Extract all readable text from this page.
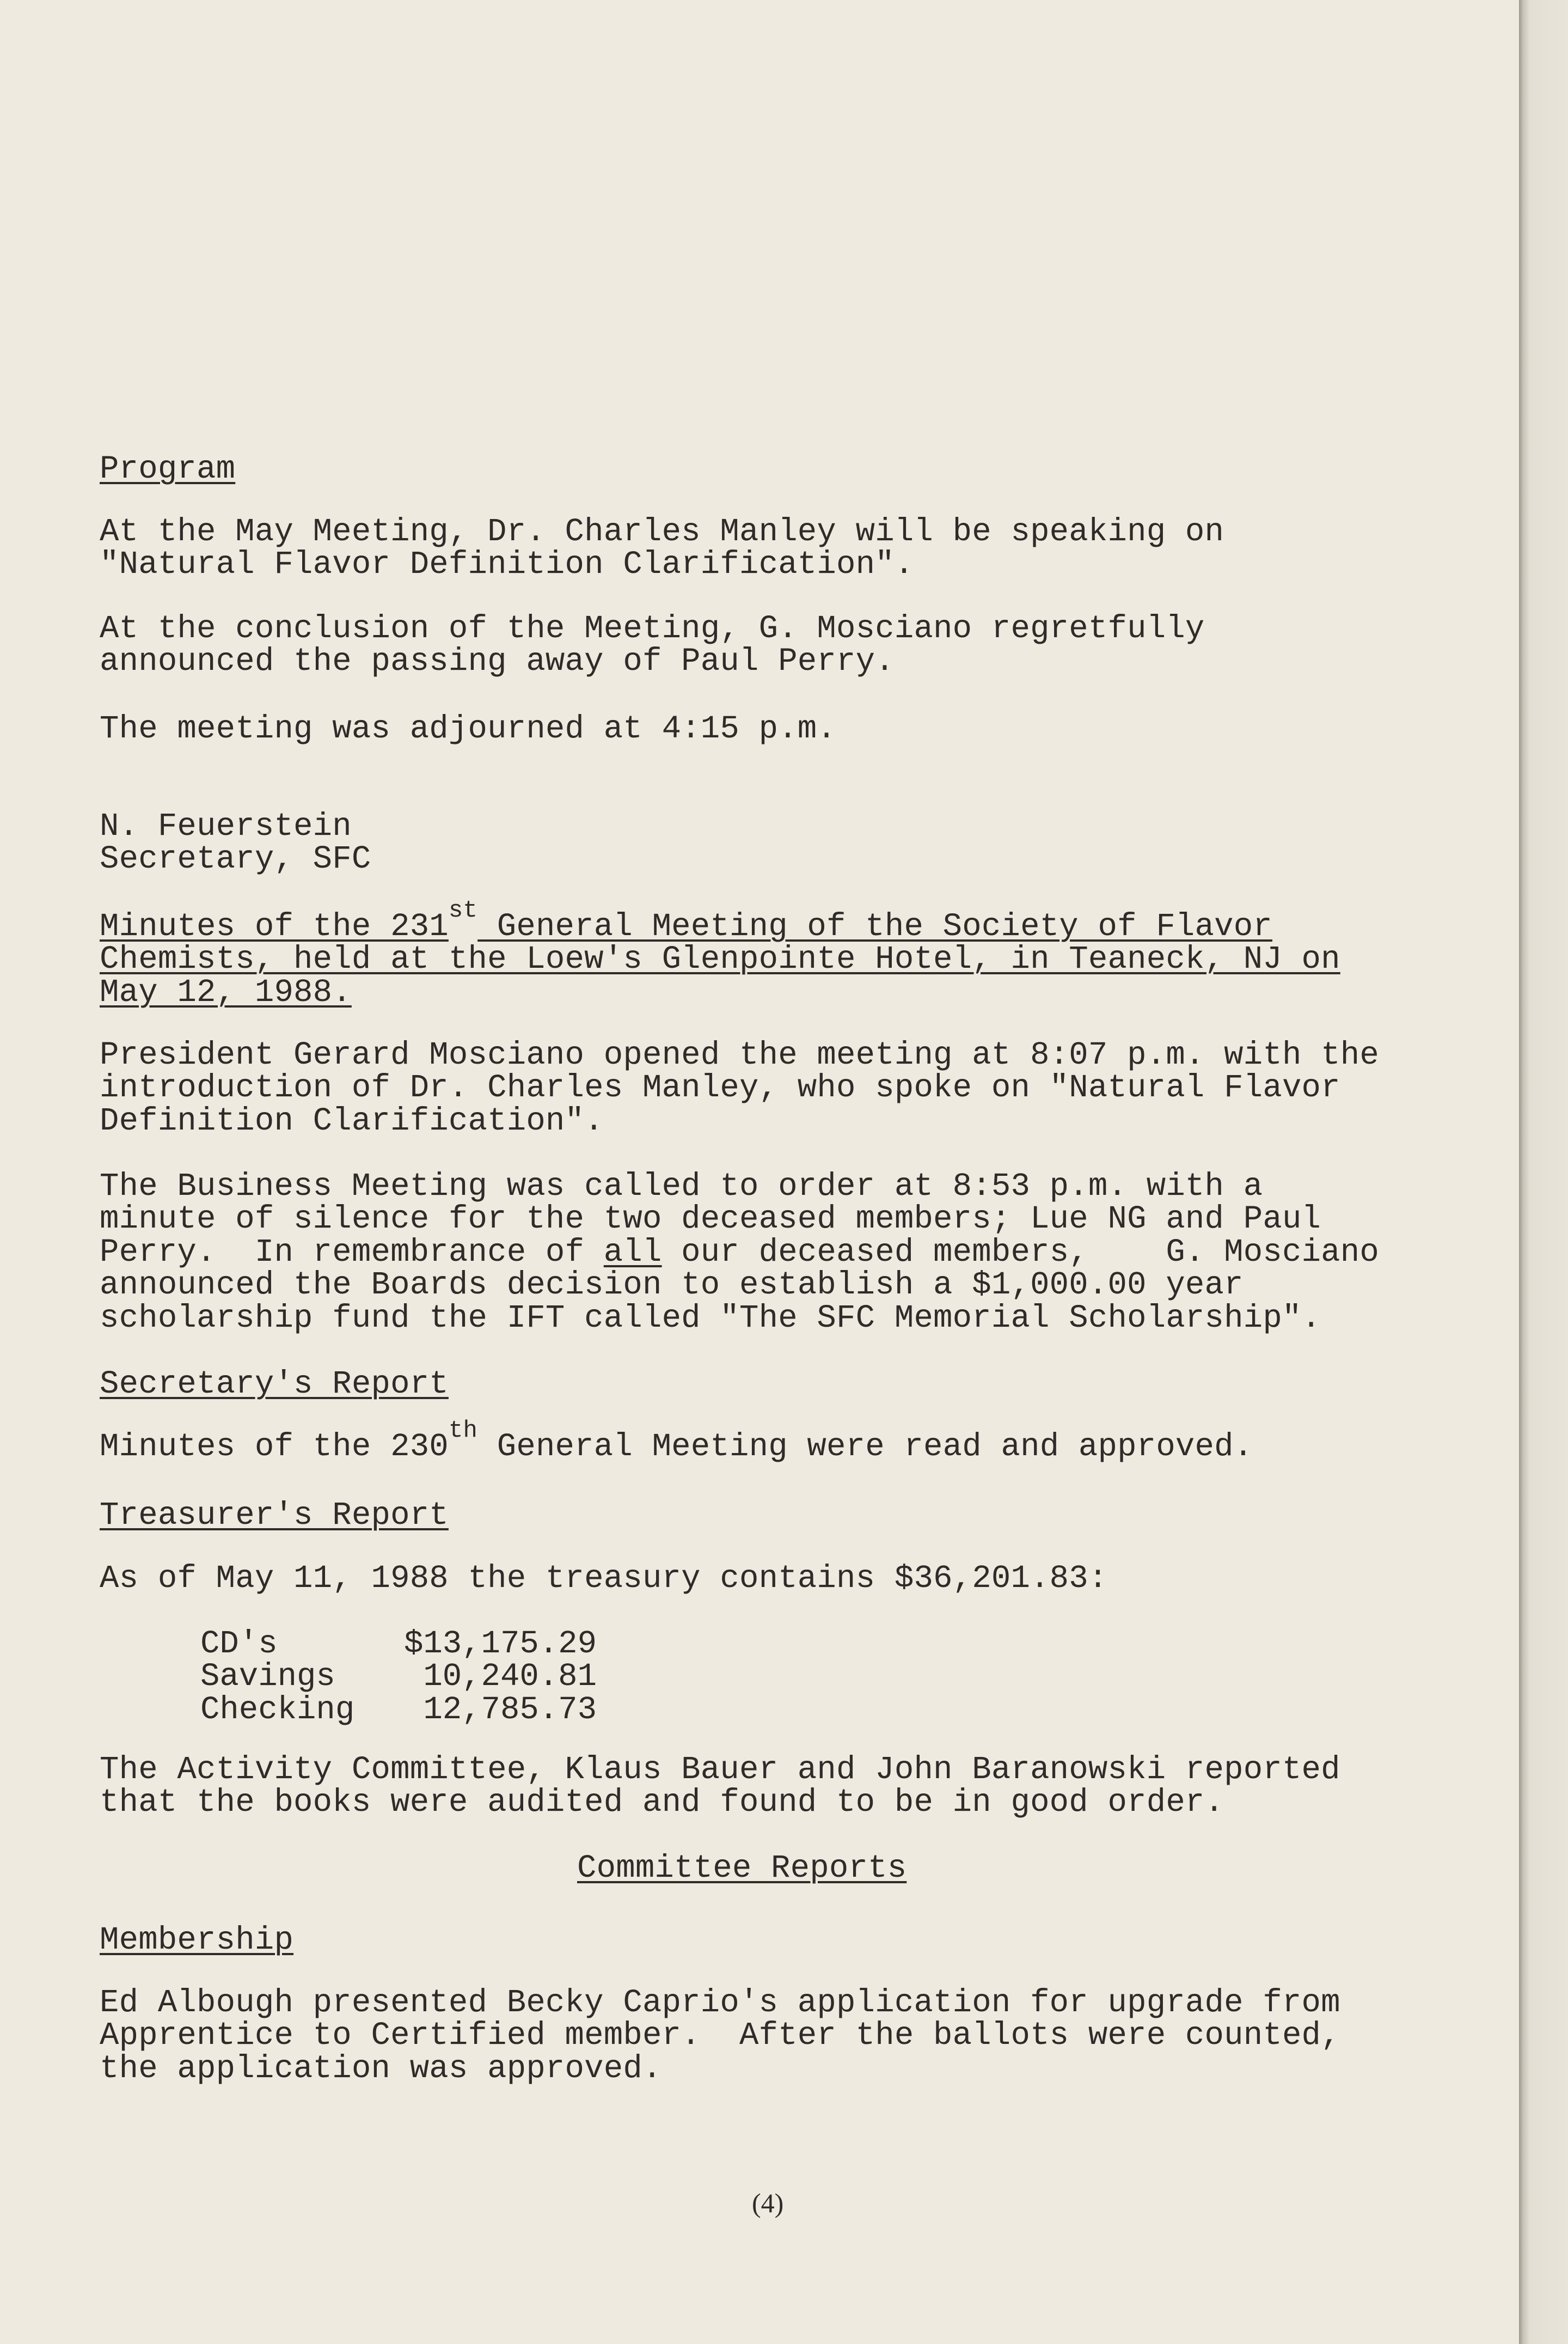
Program
At the May Meeting, Dr. Charles Manley will be speaking on
"Natural Flavor Definition Clarification".
At the conclusion of the Meeting, G. Mosciano regretfully
announced the passing away of Paul Perry.
The meeting was adjourned at 4:15 p.m.
N. Feuerstein
Secretary, SFC
Minutes of the 231st General Meeting of the Society of Flavor
Chemists, held at the Loew's Glenpointe Hotel, in Teaneck, NJ on
May 12, 1988.
President Gerard Mosciano opened the meeting at 8:07 p.m. with the
introduction of Dr. Charles Manley, who spoke on "Natural Flavor
Definition Clarification".
The Business Meeting was called to order at 8:53 p.m. with a
minute of silence for the two deceased members; Lue NG and Paul
Perry.  In remembrance of all our deceased members,    G. Mosciano
announced the Boards decision to establish a $1,000.00 year
scholarship fund the IFT called "The SFC Memorial Scholarship".
Secretary's Report
Minutes of the 230th General Meeting were read and approved.
Treasurer's Report
As of May 11, 1988 the treasury contains $36,201.83:
CD's	$13,175.29
Savings	10,240.81
Checking	12,785.73
The Activity Committee, Klaus Bauer and John Baranowski reported
that the books were audited and found to be in good order.
Committee Reports
Membership
Ed Albough presented Becky Caprio's application for upgrade from
Apprentice to Certified member.  After the ballots were counted,
the application was approved.
(4)
